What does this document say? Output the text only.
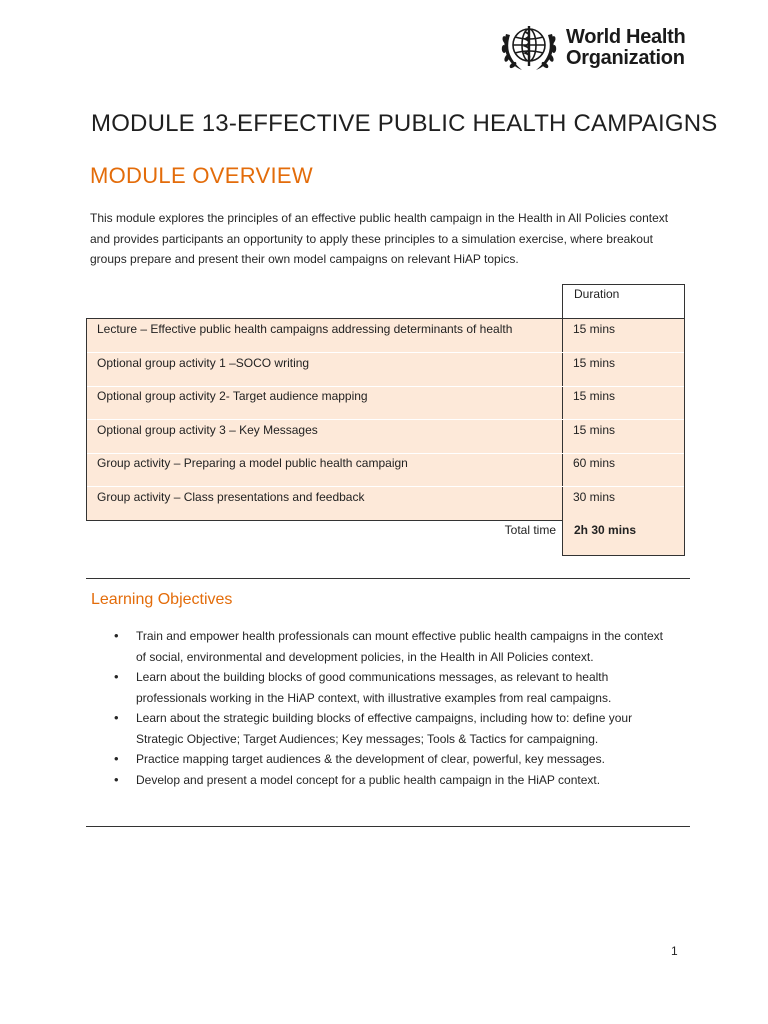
World Health
Organization
MODULE 13-EFFECTIVE PUBLIC HEALTH CAMPAIGNS
MODULE OVERVIEW

This module explores the principles of an effective public health campaign in the Health in All Policies context and provides participants an opportunity to apply these principles to a simulation exercise, where breakout groups prepare and present their own model campaigns on relevant HiAP topics.

Duration
Lecture – Effective public health campaigns addressing determinants of health	15 mins
Optional group activity 1 –SOCO writing	15 mins
Optional group activity 2- Target audience mapping	15 mins
Optional group activity 3 – Key Messages	15 mins
Group activity – Preparing a model public health campaign	60 mins
Group activity – Class presentations and feedback	30 mins
Total time	2h 30 mins
Learning Objectives
• Train and empower health professionals can mount effective public health campaigns in the context of social, environmental and development policies, in the Health in All Policies context.
• Learn about the building blocks of good communications messages, as relevant to health professionals working in the HiAP context, with illustrative examples from real campaigns.
• Learn about the strategic building blocks of effective campaigns, including how to: define your Strategic Objective; Target Audiences; Key messages; Tools & Tactics for campaigning.
• Practice mapping target audiences & the development of clear, powerful, key messages.
• Develop and present a model concept for a public health campaign in the HiAP context.
1
